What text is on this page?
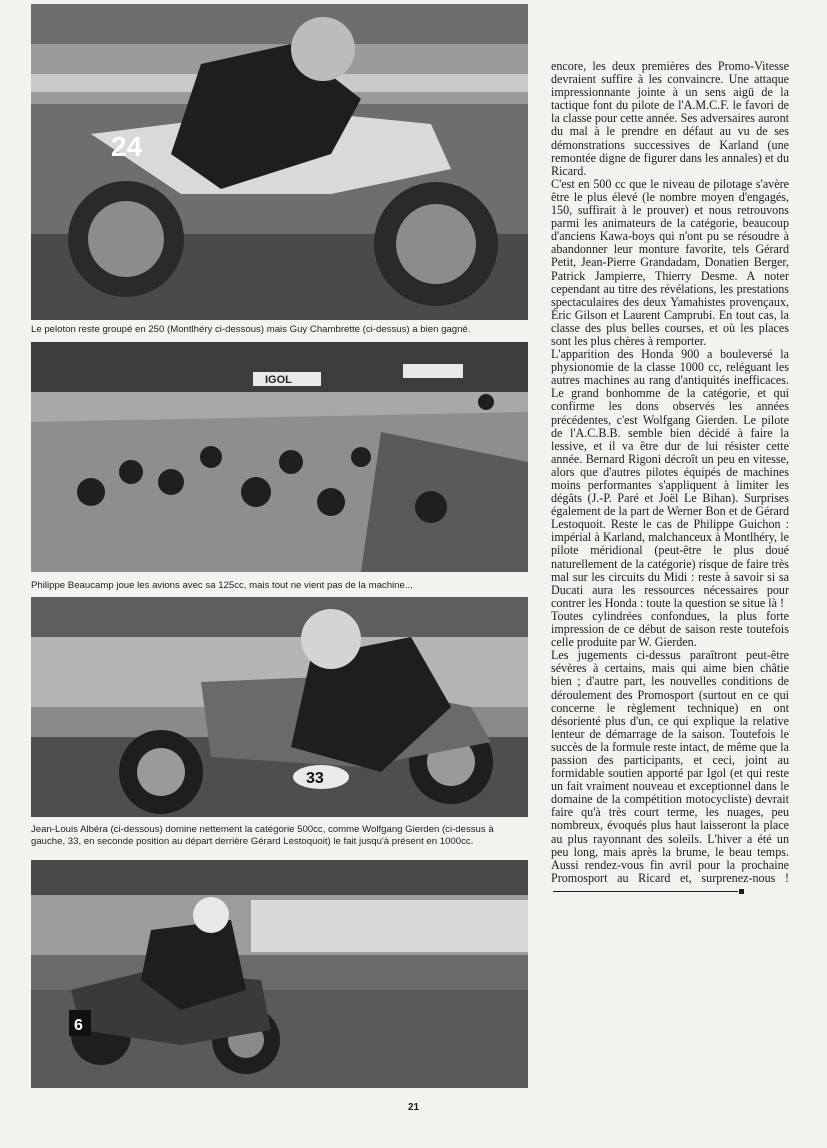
24
Le peloton reste groupé en 250 (Montlhéry ci-dessous) mais Guy Chambrette (ci-dessus) a bien gagné.
IGOL
Philippe Beaucamp joue les avions avec sa 125cc, mais tout ne vient pas de la machine...
33
Jean-Louis Albéra (ci-dessous) domine nettement la catégorie 500cc, comme Wolfgang Gierden (ci-dessus à gauche, 33, en seconde position au départ derrière Gérard Lestoquoit) le fait jusqu'à présent en 1000cc.
6

encore, les deux premières des Promo-Vitesse devraient suffire à les convaincre. Une attaque impressionnante jointe à un sens aigü de la tactique font du pilote de l'A.M.C.F. le favori de la classe pour cette année. Ses adversaires auront du mal à le prendre en défaut au vu de ses démonstrations successives de Karland (une remontée digne de figurer dans les annales) et du Ricard.

C'est en 500 cc que le niveau de pilotage s'avère être le plus élevé (le nombre moyen d'engagés, 150, suffirait à le prouver) et nous retrouvons parmi les animateurs de la catégorie, beaucoup d'anciens Kawa-boys qui n'ont pu se résoudre à abandonner leur monture favorite, tels Gérard Petit, Jean-Pierre Grandadam, Donatien Berger, Patrick Jampierre, Thierry Desme. A noter cependant au titre des révélations, les prestations spectaculaires des deux Yamahistes provençaux, Éric Gilson et Laurent Camprubi. En tout cas, la classe des plus belles courses, et où les places sont les plus chères à remporter.

L'apparition des Honda 900 a bouleversé la physionomie de la classe 1000 cc, reléguant les autres machines au rang d'antiquités inefficaces. Le grand bonhomme de la catégorie, et qui confirme les dons observés les années précédentes, c'est Wolfgang Gierden. Le pilote de l'A.C.B.B. semble bien décidé à faire la lessive, et il va être dur de lui résister cette année. Bernard Rigoni décroît un peu en vitesse, alors que d'autres pilotes équipés de machines moins performantes s'appliquent à limiter les dégâts (J.-P. Paré et Joël Le Bihan). Surprises également de la part de Werner Bon et de Gérard Lestoquoit. Reste le cas de Philippe Guichon : impérial à Karland, malchanceux à Montlhéry, le pilote méridional (peut-être le plus doué naturellement de la catégorie) risque de faire très mal sur les circuits du Midi : reste à savoir si sa Ducati aura les ressources nécessaires pour contrer les Honda : toute la question se situe là !

Toutes cylindrées confondues, la plus forte impression de ce début de saison reste toutefois celle produite par W. Gierden.

Les jugements ci-dessus paraîtront peut-être sévères à certains, mais qui aime bien châtie bien ; d'autre part, les nouvelles conditions de déroulement des Promosport (surtout en ce qui concerne le règlement technique) en ont désorienté plus d'un, ce qui explique la relative lenteur de démarrage de la saison. Toutefois le succès de la formule reste intact, de même que la passion des participants, et ceci, joint au formidable soutien apporté par Igol (et qui reste un fait vraiment nouveau et exceptionnel dans le domaine de la compétition motocycliste) devrait faire qu'à très court terme, les nuages, peu nombreux, évoqués plus haut laisseront la place au plus rayonnant des soleils. L'hiver a été un peu long, mais après la brume, le beau temps. Aussi rendez-vous fin avril pour la prochaine Promosport au Ricard et, surprenez-nous !

21
